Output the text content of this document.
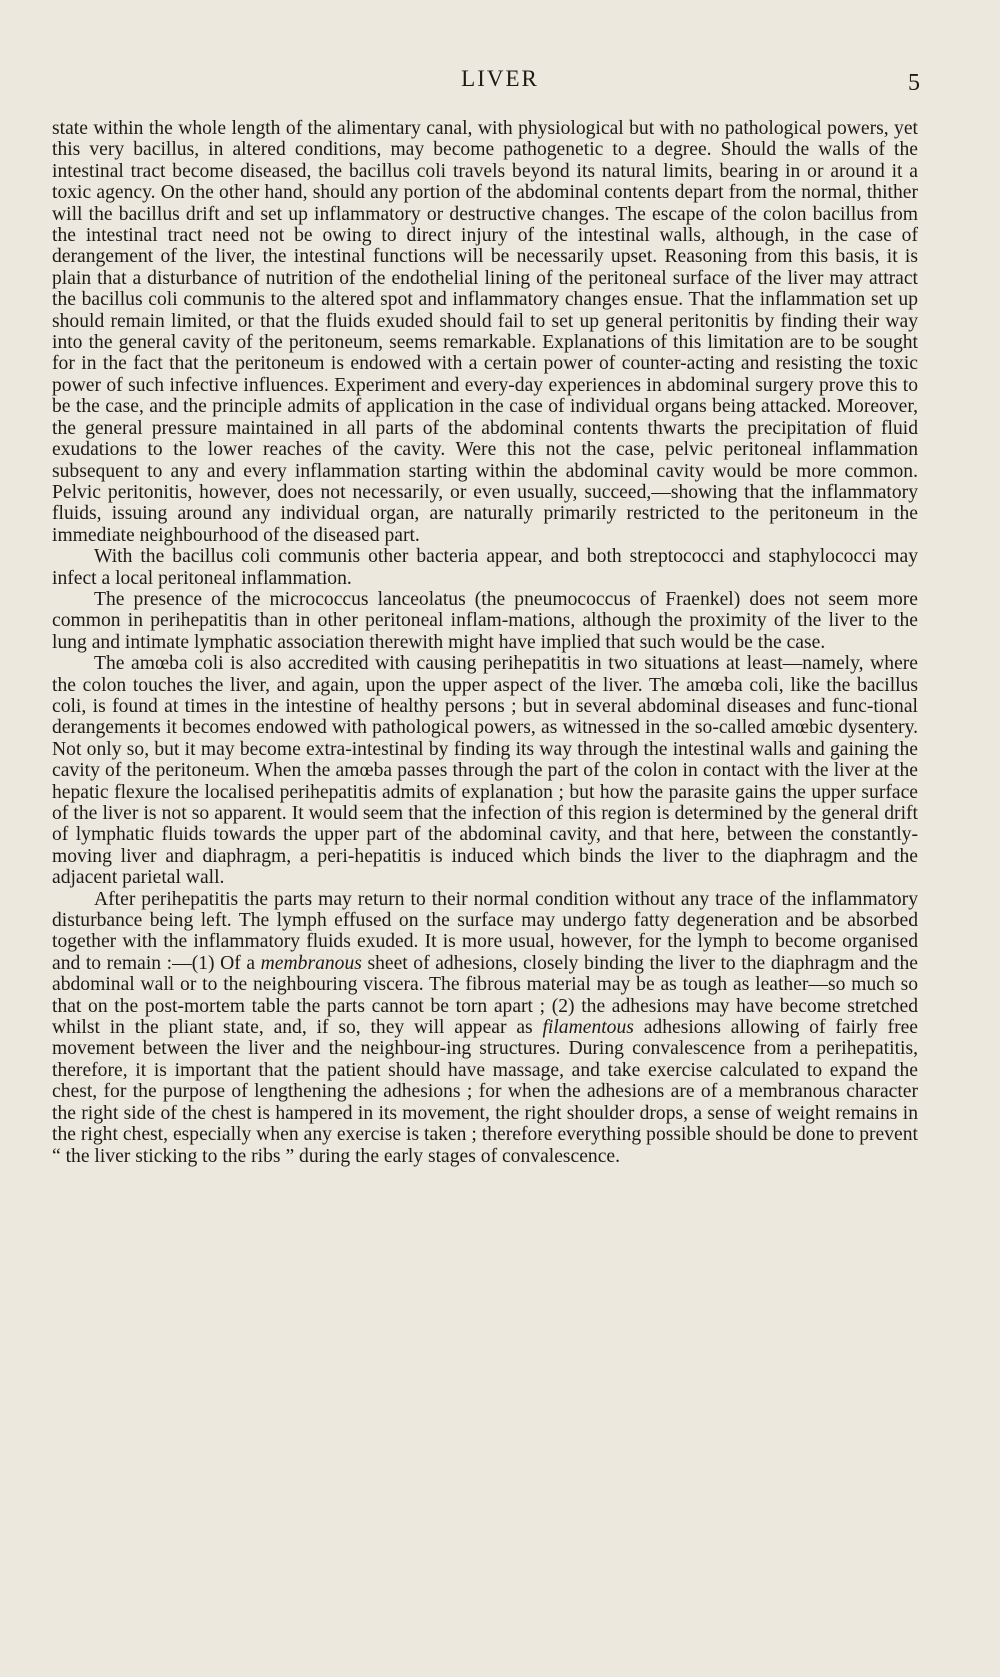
LIVER	5

state within the whole length of the alimentary canal, with physiological but with no pathological powers, yet this very bacillus, in altered conditions, may become pathogenetic to a degree. Should the walls of the intestinal tract become diseased, the bacillus coli travels beyond its natural limits, bearing in or around it a toxic agency. On the other hand, should any portion of the abdominal contents depart from the normal, thither will the bacillus drift and set up inflammatory or destructive changes. The escape of the colon bacillus from the intestinal tract need not be owing to direct injury of the intestinal walls, although, in the case of derangement of the liver, the intestinal functions will be necessarily upset. Reasoning from this basis, it is plain that a disturbance of nutrition of the endothelial lining of the peritoneal surface of the liver may attract the bacillus coli communis to the altered spot and inflammatory changes ensue. That the inflammation set up should remain limited, or that the fluids exuded should fail to set up general peritonitis by finding their way into the general cavity of the peritoneum, seems remarkable. Explanations of this limitation are to be sought for in the fact that the peritoneum is endowed with a certain power of counter-acting and resisting the toxic power of such infective influences. Experiment and every-day experiences in abdominal surgery prove this to be the case, and the principle admits of application in the case of individual organs being attacked. Moreover, the general pressure maintained in all parts of the abdominal contents thwarts the precipitation of fluid exudations to the lower reaches of the cavity. Were this not the case, pelvic peritoneal inflammation subsequent to any and every inflammation starting within the abdominal cavity would be more common. Pelvic peritonitis, however, does not necessarily, or even usually, succeed,—showing that the inflammatory fluids, issuing around any individual organ, are naturally primarily restricted to the peritoneum in the immediate neighbourhood of the diseased part.

With the bacillus coli communis other bacteria appear, and both streptococci and staphylococci may infect a local peritoneal inflammation.

The presence of the micrococcus lanceolatus (the pneumococcus of Fraenkel) does not seem more common in perihepatitis than in other peritoneal inflam-mations, although the proximity of the liver to the lung and intimate lymphatic association therewith might have implied that such would be the case.

The amœba coli is also accredited with causing perihepatitis in two situations at least—namely, where the colon touches the liver, and again, upon the upper aspect of the liver. The amœba coli, like the bacillus coli, is found at times in the intestine of healthy persons ; but in several abdominal diseases and func-tional derangements it becomes endowed with pathological powers, as witnessed in the so-called amœbic dysentery. Not only so, but it may become extra-intestinal by finding its way through the intestinal walls and gaining the cavity of the peritoneum. When the amœba passes through the part of the colon in contact with the liver at the hepatic flexure the localised perihepatitis admits of explanation ; but how the parasite gains the upper surface of the liver is not so apparent. It would seem that the infection of this region is determined by the general drift of lymphatic fluids towards the upper part of the abdominal cavity, and that here, between the constantly-moving liver and diaphragm, a peri-hepatitis is induced which binds the liver to the diaphragm and the adjacent parietal wall.

After perihepatitis the parts may return to their normal condition without any trace of the inflammatory disturbance being left. The lymph effused on the surface may undergo fatty degeneration and be absorbed together with the inflammatory fluids exuded. It is more usual, however, for the lymph to become organised and to remain :—(1) Of a membranous sheet of adhesions, closely binding the liver to the diaphragm and the abdominal wall or to the neighbouring viscera. The fibrous material may be as tough as leather—so much so that on the post-mortem table the parts cannot be torn apart ; (2) the adhesions may have become stretched whilst in the pliant state, and, if so, they will appear as filamentous adhesions allowing of fairly free movement between the liver and the neighbour-ing structures. During convalescence from a perihepatitis, therefore, it is important that the patient should have massage, and take exercise calculated to expand the chest, for the purpose of lengthening the adhesions ; for when the adhesions are of a membranous character the right side of the chest is hampered in its movement, the right shoulder drops, a sense of weight remains in the right chest, especially when any exercise is taken ; therefore everything possible should be done to prevent “ the liver sticking to the ribs ” during the early stages of convalescence.
